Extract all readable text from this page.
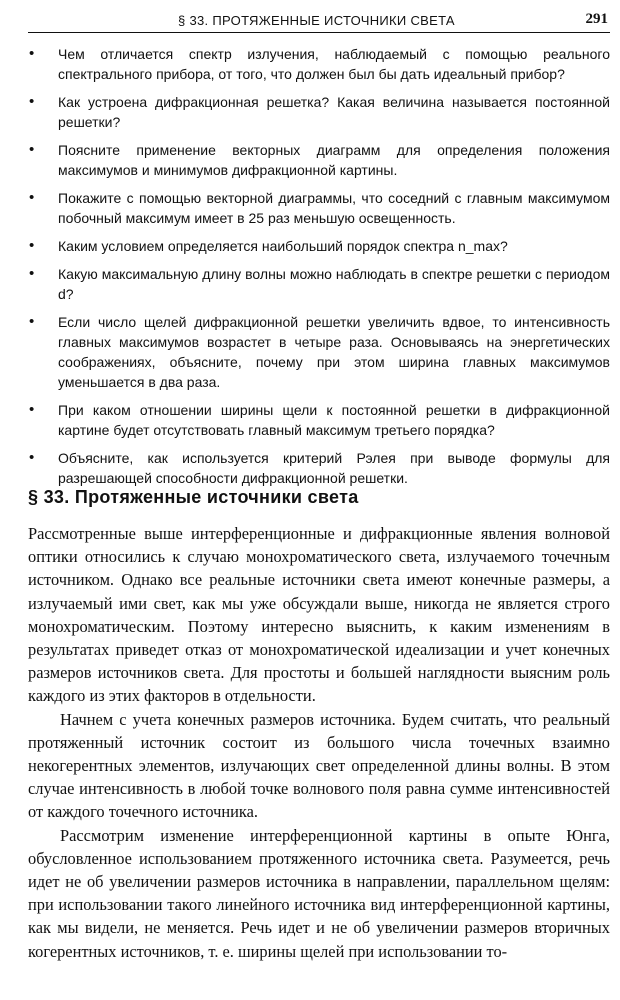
§ 33. ПРОТЯЖЕННЫЕ ИСТОЧНИКИ СВЕТА	291
• Чем отличается спектр излучения, наблюдаемый с помощью реального спектрального прибора, от того, что должен был бы дать идеальный прибор?
• Как устроена дифракционная решетка? Какая величина называется постоянной решетки?
• Поясните применение векторных диаграмм для определения положения максимумов и минимумов дифракционной картины.
• Покажите с помощью векторной диаграммы, что соседний с главным максимумом побочный максимум имеет в 25 раз меньшую освещенность.
• Каким условием определяется наибольший порядок спектра n_max?
• Какую максимальную длину волны можно наблюдать в спектре решетки с периодом d?
• Если число щелей дифракционной решетки увеличить вдвое, то интенсивность главных максимумов возрастет в четыре раза. Основываясь на энергетических соображениях, объясните, почему при этом ширина главных максимумов уменьшается в два раза.
• При каком отношении ширины щели к постоянной решетки в дифракционной картине будет отсутствовать главный максимум третьего порядка?
• Объясните, как используется критерий Рэлея при выводе формулы для разрешающей способности дифракционной решетки.
§ 33. Протяженные источники света

Рассмотренные выше интерференционные и дифракционные явления волновой оптики относились к случаю монохроматического света, излучаемого точечным источником. Однако все реальные источники света имеют конечные размеры, а излучаемый ими свет, как мы уже обсуждали выше, никогда не является строго монохроматическим. Поэтому интересно выяснить, к каким изменениям в результатах приведет отказ от монохроматической идеализации и учет конечных размеров источников света. Для простоты и большей наглядности выясним роль каждого из этих факторов в отдельности.

Начнем с учета конечных размеров источника. Будем считать, что реальный протяженный источник состоит из большого числа точечных взаимно некогерентных элементов, излучающих свет определенной длины волны. В этом случае интенсивность в любой точке волнового поля равна сумме интенсивностей от каждого точечного источника.

Рассмотрим изменение интерференционной картины в опыте Юнга, обусловленное использованием протяженного источника света. Разумеется, речь идет не об увеличении размеров источника в направлении, параллельном щелям: при использовании такого линейного источника вид интерференционной картины, как мы видели, не меняется. Речь идет и не об увеличении размеров вторичных когерентных источников, т. е. ширины щелей при использовании то-
